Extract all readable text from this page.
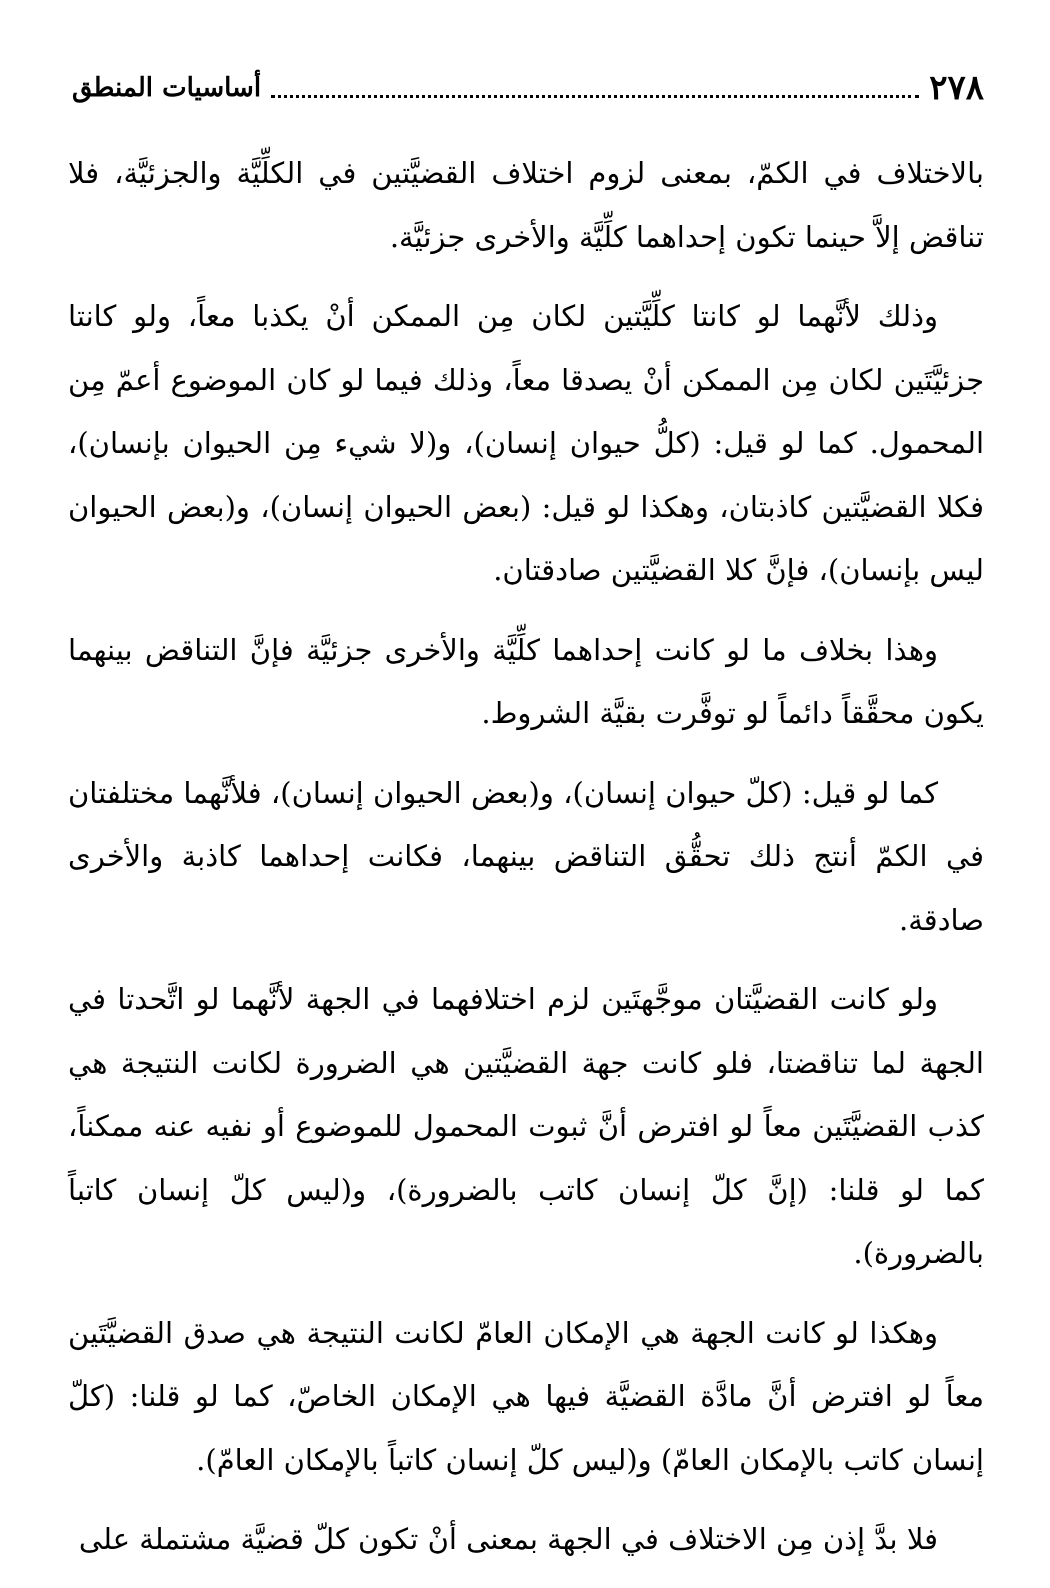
٢٧٨
أساسيات المنطق

بالاختلاف في الكمّ، بمعنى لزوم اختلاف القضيَّتين في الكلِّيَّة والجزئيَّة، فلا تناقض إلاَّ حينما تكون إحداهما كلِّيَّة والأخرى جزئيَّة.

وذلك لأنَّهما لو كانتا كلِّيَّتين لكان مِن الممكن أنْ يكذبا معاً، ولو كانتا جزئيَّتَين لكان مِن الممكن أنْ يصدقا معاً، وذلك فيما لو كان الموضوع أعمّ مِن المحمول. كما لو قيل: (كلُّ حيوان إنسان)، و(لا شيء مِن الحيوان بإنسان)، فكلا القضيَّتين كاذبتان، وهكذا لو قيل: (بعض الحيوان إنسان)، و(بعض الحيوان ليس بإنسان)، فإنَّ كلا القضيَّتين صادقتان.

وهذا بخلاف ما لو كانت إحداهما كلِّيَّة والأخرى جزئيَّة فإنَّ التناقض بينهما يكون محقَّقاً دائماً لو توفَّرت بقيَّة الشروط.

كما لو قيل: (كلّ حيوان إنسان)، و(بعض الحيوان إنسان)، فلأنَّهما مختلفتان في الكمّ أنتج ذلك تحقُّق التناقض بينهما، فكانت إحداهما كاذبة والأخرى صادقة.

ولو كانت القضيَّتان موجَّهتَين لزم اختلافهما في الجهة لأنَّهما لو اتَّحدتا في الجهة لما تناقضتا، فلو كانت جهة القضيَّتين هي الضرورة لكانت النتيجة هي كذب القضيَّتَين معاً لو افترض أنَّ ثبوت المحمول للموضوع أو نفيه عنه ممكناً، كما لو قلنا: (إنَّ كلّ إنسان كاتب بالضرورة)، و(ليس كلّ إنسان كاتباً بالضرورة).

وهكذا لو كانت الجهة هي الإمكان العامّ لكانت النتيجة هي صدق القضيَّتَين معاً لو افترض أنَّ مادَّة القضيَّة فيها هي الإمكان الخاصّ، كما لو قلنا: (كلّ إنسان كاتب بالإمكان العامّ) و(ليس كلّ إنسان كاتباً بالإمكان العامّ).

فلا بدَّ إذن مِن الاختلاف في الجهة بمعنى أنْ تكون كلّ قضيَّة مشتملة على
